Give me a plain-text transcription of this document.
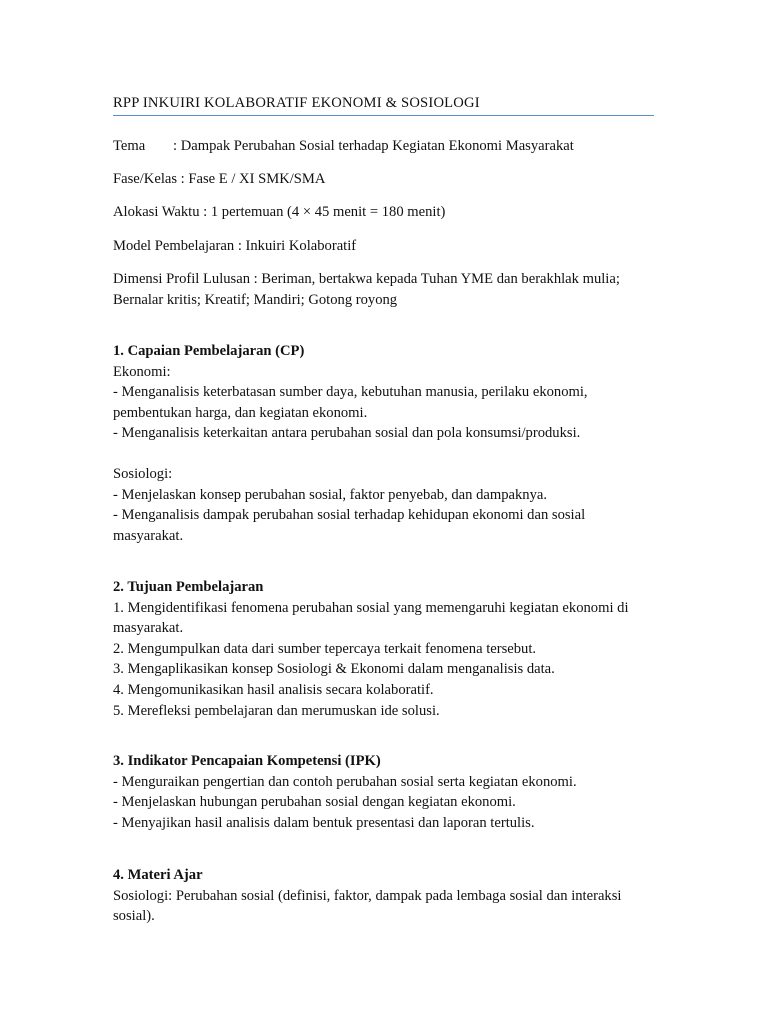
RPP INKUIRI KOLABORATIF EKONOMI & SOSIOLOGI
Tema : Dampak Perubahan Sosial terhadap Kegiatan Ekonomi Masyarakat
Fase/Kelas : Fase E / XI SMK/SMA
Alokasi Waktu : 1 pertemuan (4 × 45 menit = 180 menit)
Model Pembelajaran : Inkuiri Kolaboratif
Dimensi Profil Lulusan : Beriman, bertakwa kepada Tuhan YME dan berakhlak mulia; Bernalar kritis; Kreatif; Mandiri; Gotong royong
1. Capaian Pembelajaran (CP)
Ekonomi:
- Menganalisis keterbatasan sumber daya, kebutuhan manusia, perilaku ekonomi, pembentukan harga, dan kegiatan ekonomi.
- Menganalisis keterkaitan antara perubahan sosial dan pola konsumsi/produksi.
Sosiologi:
- Menjelaskan konsep perubahan sosial, faktor penyebab, dan dampaknya.
- Menganalisis dampak perubahan sosial terhadap kehidupan ekonomi dan sosial masyarakat.
2. Tujuan Pembelajaran
1. Mengidentifikasi fenomena perubahan sosial yang memengaruhi kegiatan ekonomi di masyarakat.
2. Mengumpulkan data dari sumber tepercaya terkait fenomena tersebut.
3. Mengaplikasikan konsep Sosiologi & Ekonomi dalam menganalisis data.
4. Mengomunikasikan hasil analisis secara kolaboratif.
5. Merefleksi pembelajaran dan merumuskan ide solusi.
3. Indikator Pencapaian Kompetensi (IPK)
- Menguraikan pengertian dan contoh perubahan sosial serta kegiatan ekonomi.
- Menjelaskan hubungan perubahan sosial dengan kegiatan ekonomi.
- Menyajikan hasil analisis dalam bentuk presentasi dan laporan tertulis.
4. Materi Ajar
Sosiologi: Perubahan sosial (definisi, faktor, dampak pada lembaga sosial dan interaksi sosial).
